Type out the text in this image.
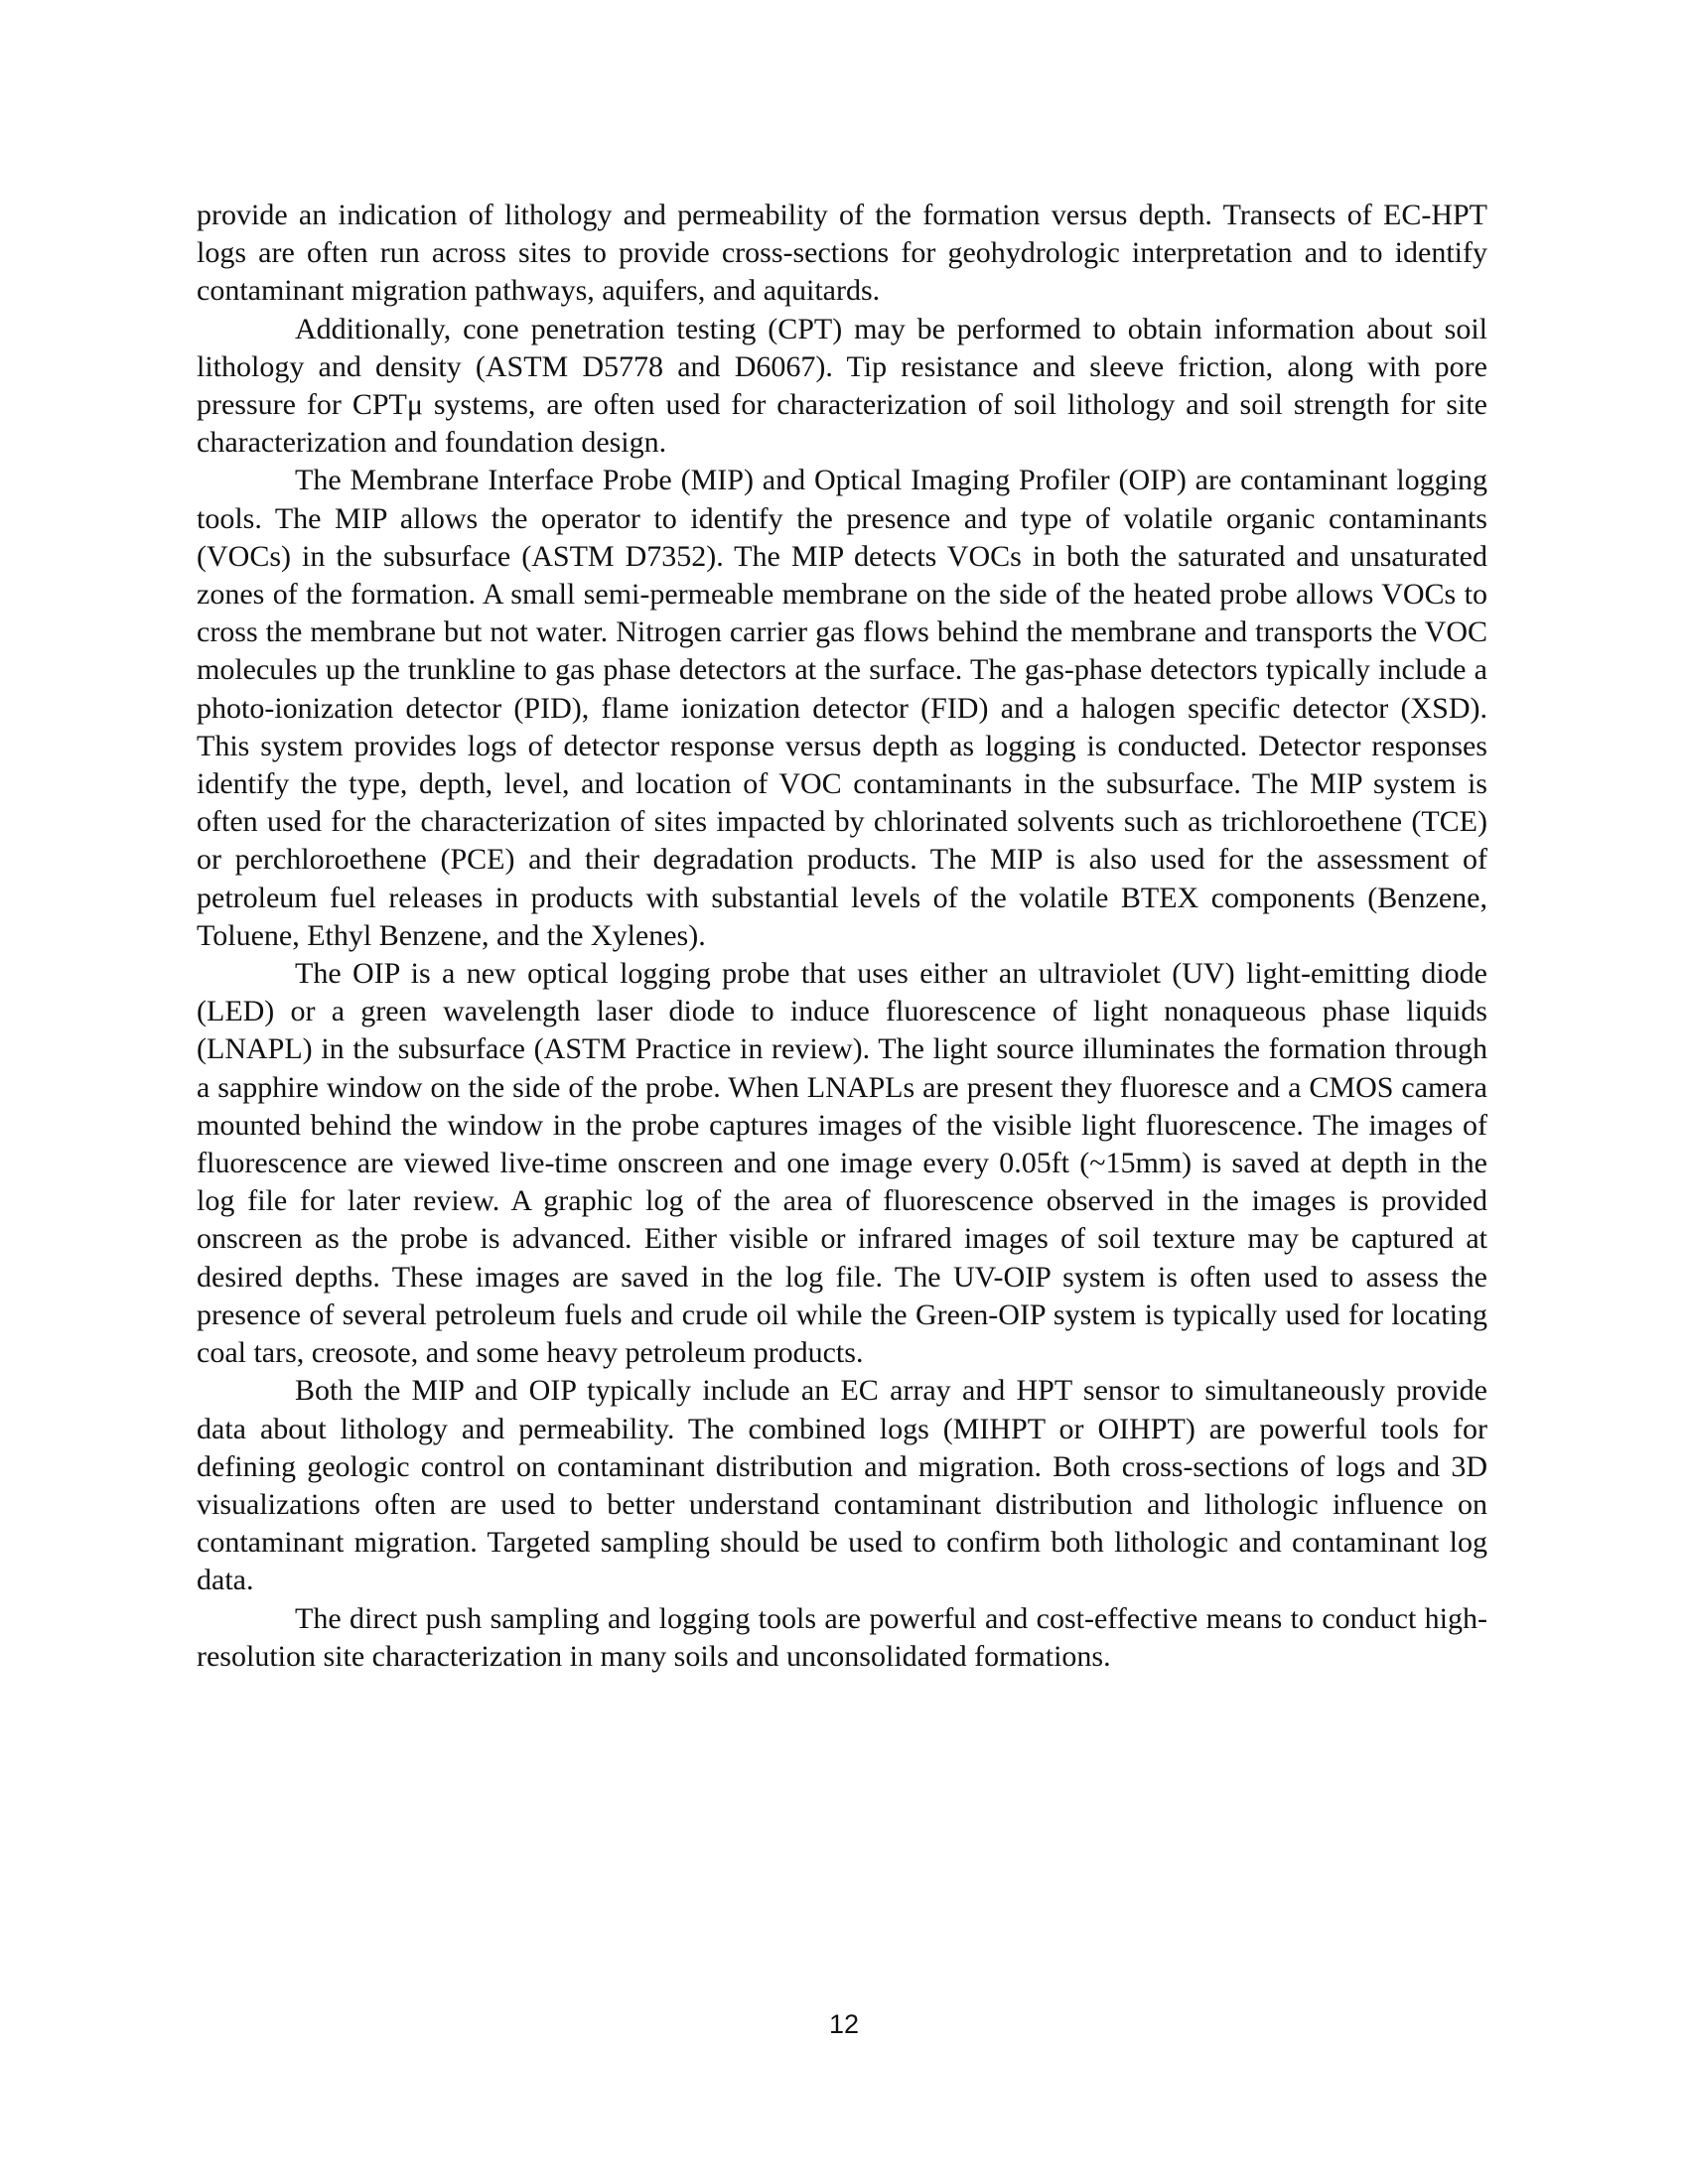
provide an indication of lithology and permeability of the formation versus depth. Transects of EC-HPT logs are often run across sites to provide cross-sections for geohydrologic interpretation and to identify contaminant migration pathways, aquifers, and aquitards.

Additionally, cone penetration testing (CPT) may be performed to obtain information about soil lithology and density (ASTM D5778 and D6067). Tip resistance and sleeve friction, along with pore pressure for CPTμ systems, are often used for characterization of soil lithology and soil strength for site characterization and foundation design.

The Membrane Interface Probe (MIP) and Optical Imaging Profiler (OIP) are contaminant logging tools. The MIP allows the operator to identify the presence and type of volatile organic contaminants (VOCs) in the subsurface (ASTM D7352). The MIP detects VOCs in both the saturated and unsaturated zones of the formation. A small semi-permeable membrane on the side of the heated probe allows VOCs to cross the membrane but not water. Nitrogen carrier gas flows behind the membrane and transports the VOC molecules up the trunkline to gas phase detectors at the surface. The gas-phase detectors typically include a photo-ionization detector (PID), flame ionization detector (FID) and a halogen specific detector (XSD). This system provides logs of detector response versus depth as logging is conducted. Detector responses identify the type, depth, level, and location of VOC contaminants in the subsurface. The MIP system is often used for the characterization of sites impacted by chlorinated solvents such as trichloroethene (TCE) or perchloroethene (PCE) and their degradation products. The MIP is also used for the assessment of petroleum fuel releases in products with substantial levels of the volatile BTEX components (Benzene, Toluene, Ethyl Benzene, and the Xylenes).

The OIP is a new optical logging probe that uses either an ultraviolet (UV) light-emitting diode (LED) or a green wavelength laser diode to induce fluorescence of light nonaqueous phase liquids (LNAPL) in the subsurface (ASTM Practice in review). The light source illuminates the formation through a sapphire window on the side of the probe. When LNAPLs are present they fluoresce and a CMOS camera mounted behind the window in the probe captures images of the visible light fluorescence. The images of fluorescence are viewed live-time onscreen and one image every 0.05ft (~15mm) is saved at depth in the log file for later review. A graphic log of the area of fluorescence observed in the images is provided onscreen as the probe is advanced. Either visible or infrared images of soil texture may be captured at desired depths. These images are saved in the log file. The UV-OIP system is often used to assess the presence of several petroleum fuels and crude oil while the Green-OIP system is typically used for locating coal tars, creosote, and some heavy petroleum products.

Both the MIP and OIP typically include an EC array and HPT sensor to simultaneously provide data about lithology and permeability. The combined logs (MIHPT or OIHPT) are powerful tools for defining geologic control on contaminant distribution and migration. Both cross-sections of logs and 3D visualizations often are used to better understand contaminant distribution and lithologic influence on contaminant migration. Targeted sampling should be used to confirm both lithologic and contaminant log data.

The direct push sampling and logging tools are powerful and cost-effective means to conduct high-resolution site characterization in many soils and unconsolidated formations.

12
